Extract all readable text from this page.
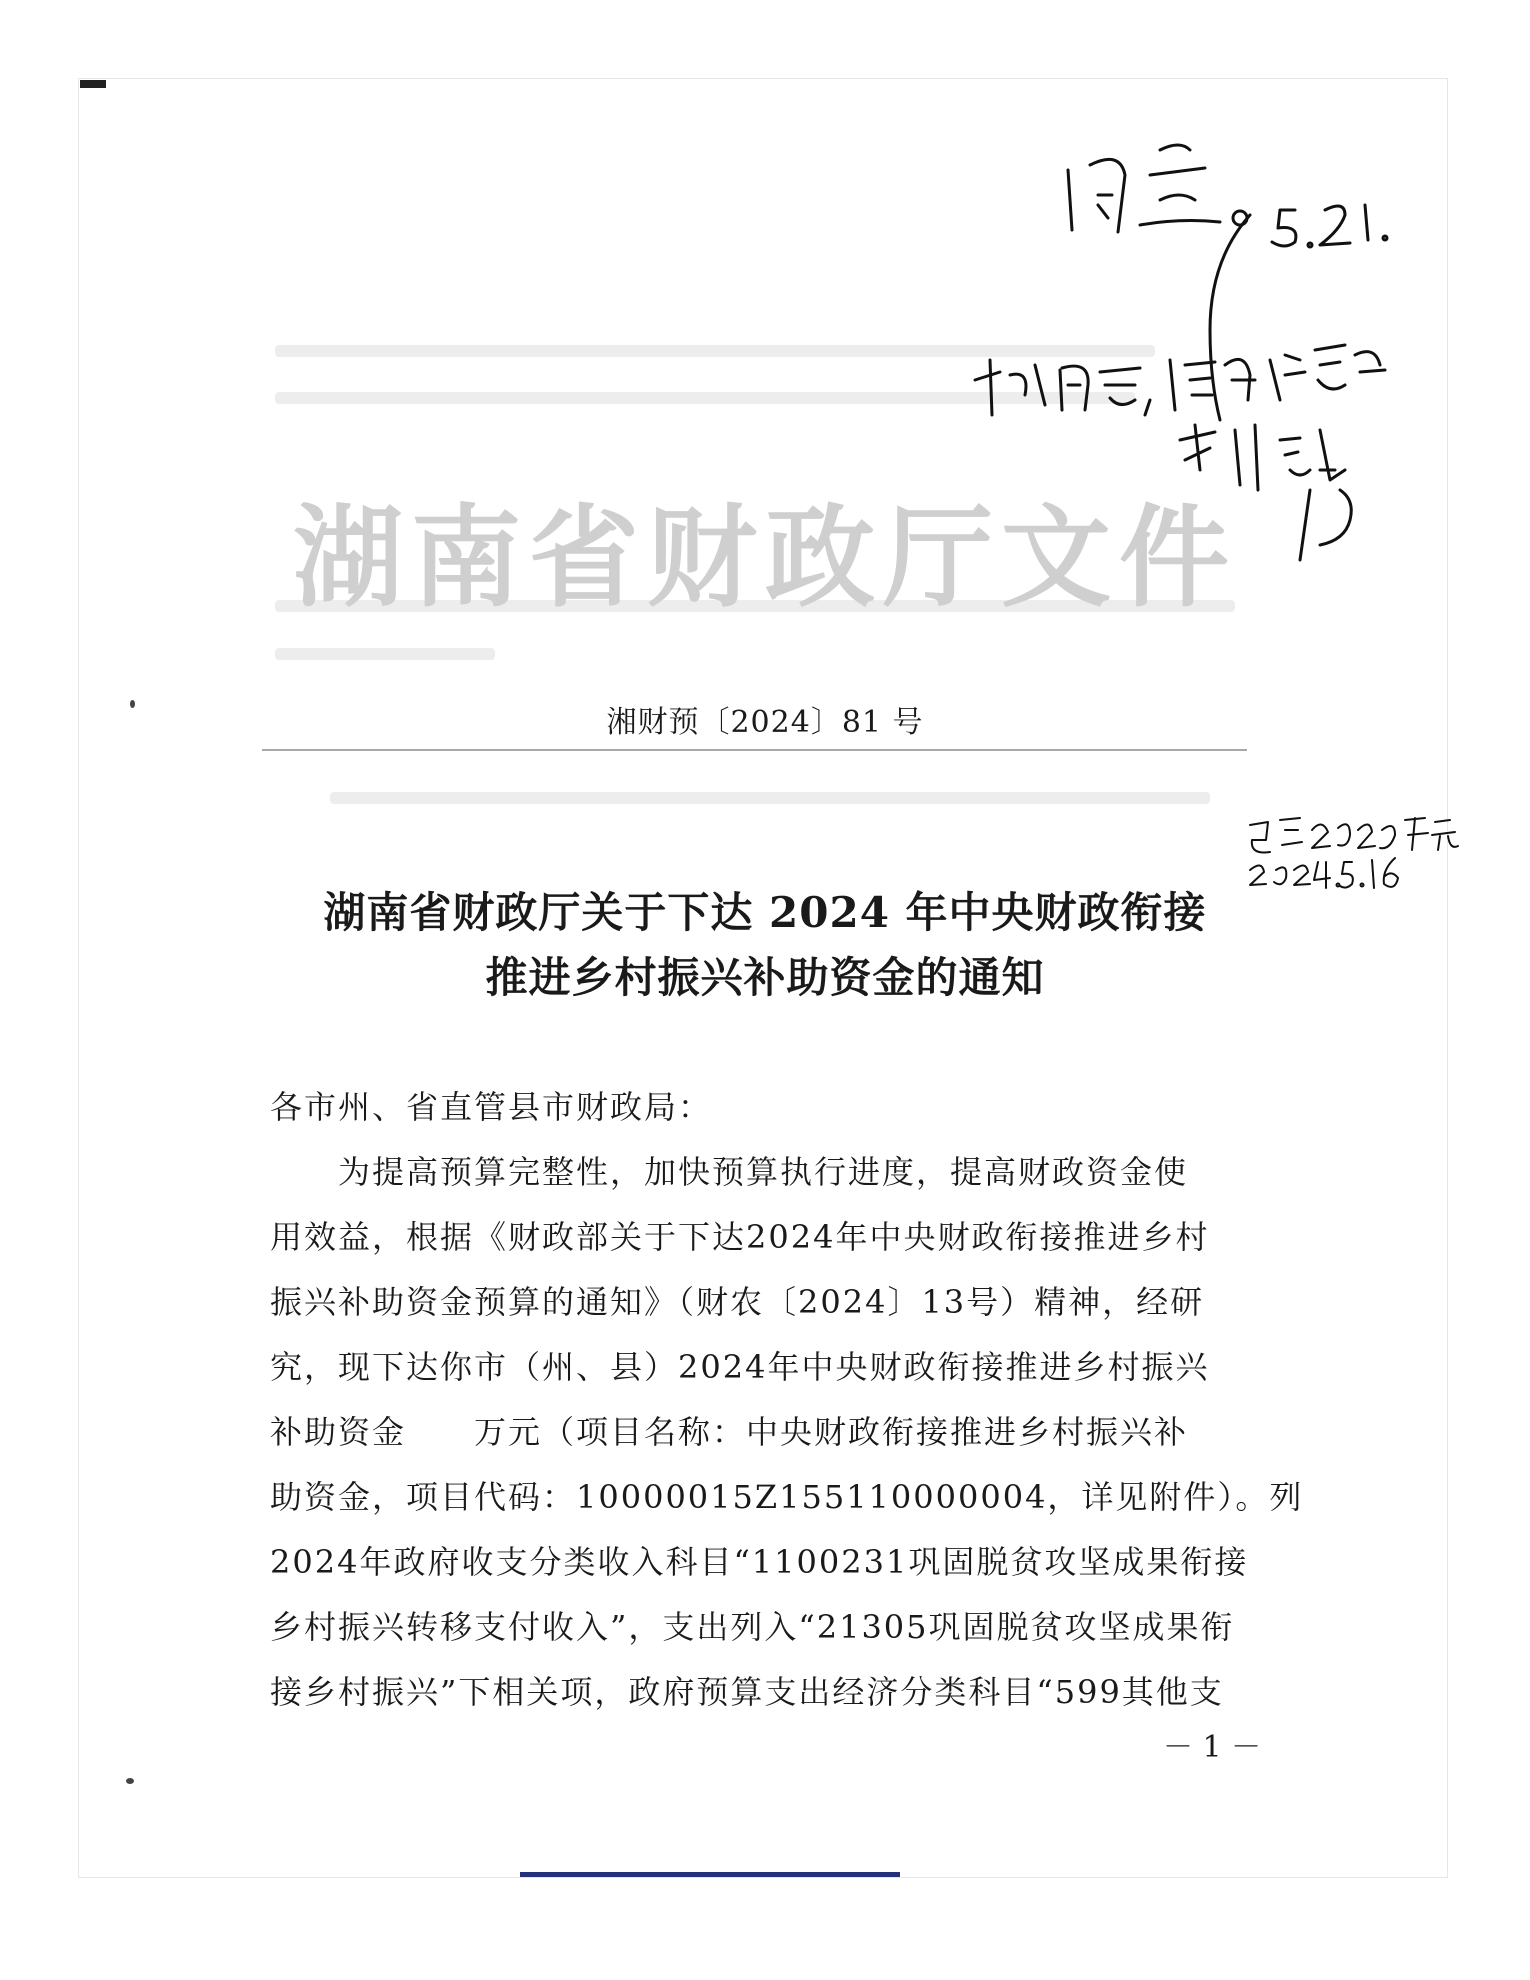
湖南省财政厅文件
湘财预〔2024〕81 号
湖南省财政厅关于下达 2024 年中央财政衔接
推进乡村振兴补助资金的通知
各市州、省直管县市财政局：
　　为提高预算完整性，加快预算执行进度，提高财政资金使
用效益，根据《财政部关于下达2024年中央财政衔接推进乡村
振兴补助资金预算的通知》（财农〔2024〕13号）精神，经研
究，现下达你市（州、县）2024年中央财政衔接推进乡村振兴
补助资金　　万元（项目名称：中央财政衔接推进乡村振兴补
助资金，项目代码：10000015Z155110000004，详见附件）。列
2024年政府收支分类收入科目“1100231巩固脱贫攻坚成果衔接
乡村振兴转移支付收入”，支出列入“21305巩固脱贫攻坚成果衔
接乡村振兴”下相关项，政府预算支出经济分类科目“599其他支
－ 1 －
